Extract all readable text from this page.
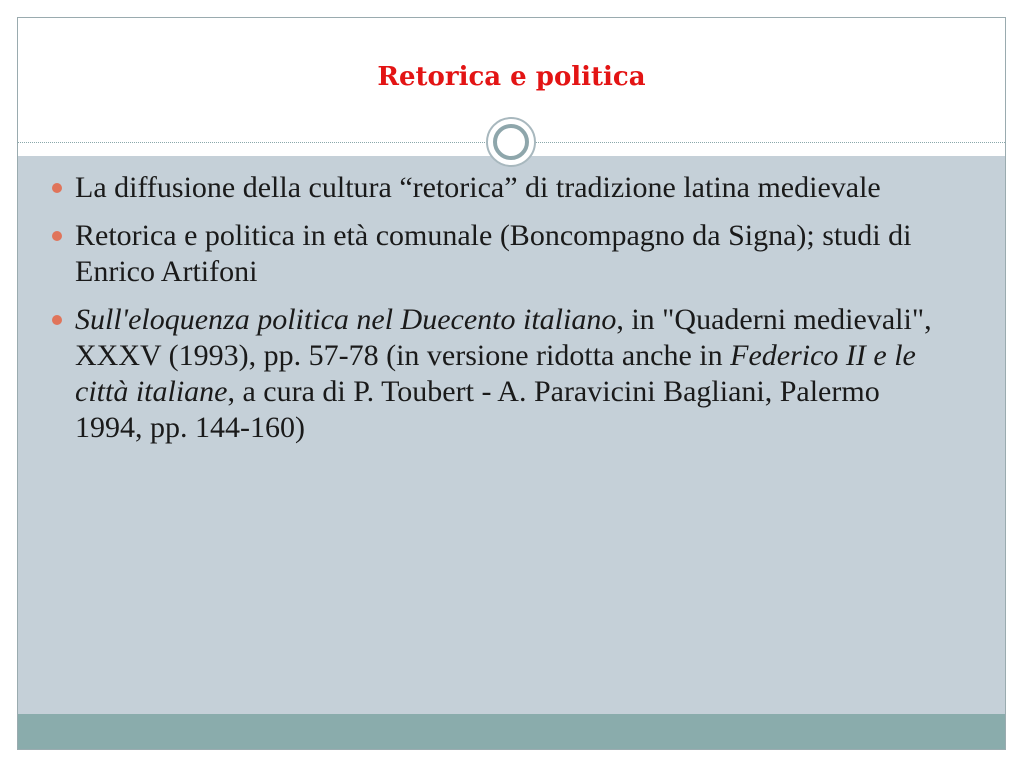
Retorica e politica
La diffusione della cultura “retorica” di tradizione latina medievale
Retorica e politica in età comunale (Boncompagno da Signa); studi di Enrico Artifoni
Sull'eloquenza politica nel Duecento italiano, in "Quaderni medievali", XXXV (1993), pp. 57-78 (in versione ridotta anche in Federico II e le città italiane, a cura di P. Toubert - A. Paravicini Bagliani, Palermo 1994, pp. 144-160)
